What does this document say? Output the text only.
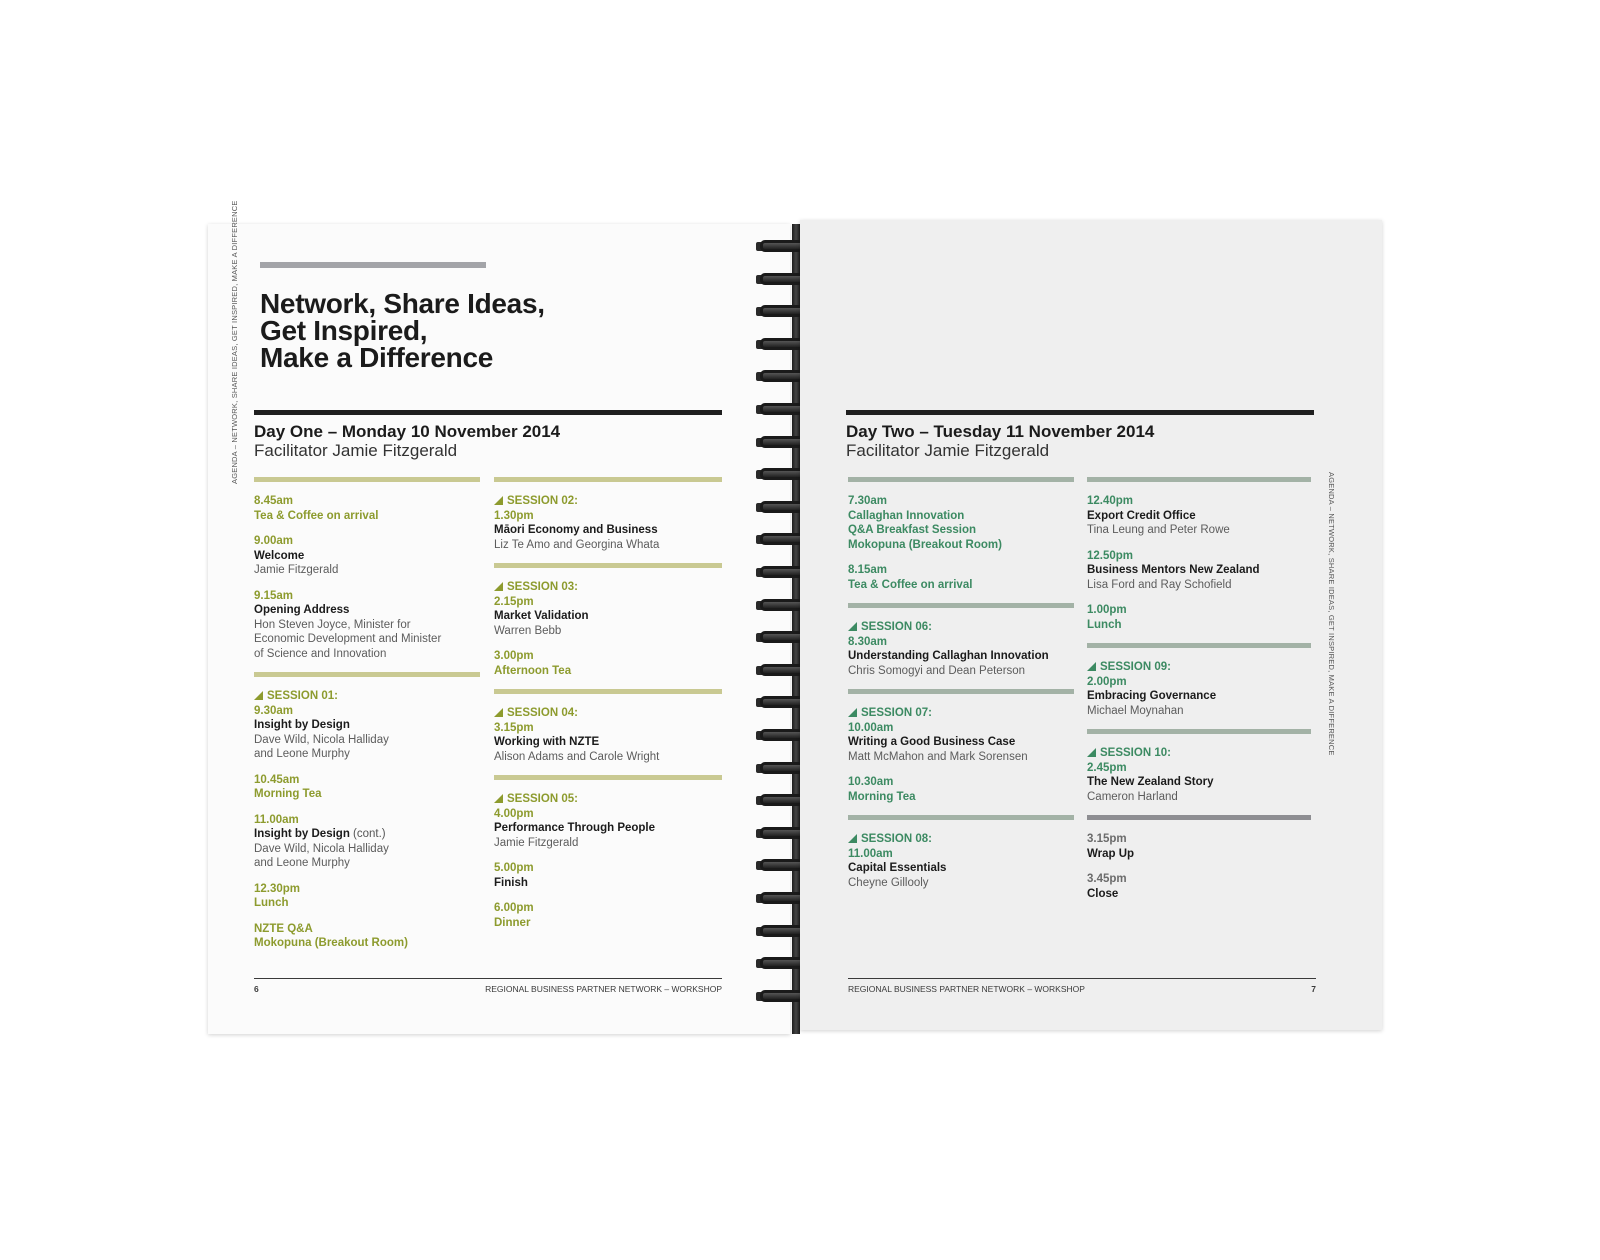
Network, Share Ideas,
Get Inspired,
Make a Difference
AGENDA – NETWORK, SHARE IDEAS, GET INSPIRED, MAKE A DIFFERENCE Day One – Monday 10 November 2014
Facilitator Jamie Fitzgerald
8.45am
Tea & Coffee on arrival
9.00am
Welcome
Jamie Fitzgerald
9.15am
Opening Address
Hon Steven Joyce, Minister for
Economic Development and Minister
of Science and Innovation
SESSION 01:
9.30am
Insight by Design
Dave Wild, Nicola Halliday
and Leone Murphy
10.45am
Morning Tea
11.00am
Insight by Design (cont.)
Dave Wild, Nicola Halliday
and Leone Murphy
12.30pm
Lunch
NZTE Q&A
Mokopuna (Breakout Room)
SESSION 02:
1.30pm
Māori Economy and Business
Liz Te Amo and Georgina Whata
SESSION 03:
2.15pm
Market Validation
Warren Bebb
3.00pm
Afternoon Tea
SESSION 04:
3.15pm
Working with NZTE
Alison Adams and Carole Wright
SESSION 05:
4.00pm
Performance Through People
Jamie Fitzgerald
5.00pm
Finish
6.00pm
Dinner
6	REGIONAL BUSINESS PARTNER NETWORK – WORKSHOP
AGENDA – NETWORK, SHARE IDEAS, GET INSPIRED, MAKE A DIFFERENCE
Day Two – Tuesday 11 November 2014
Facilitator Jamie Fitzgerald
7.30am
Callaghan Innovation
Q&A Breakfast Session
Mokopuna (Breakout Room)
8.15am
Tea & Coffee on arrival
SESSION 06:
8.30am
Understanding Callaghan Innovation
Chris Somogyi and Dean Peterson
SESSION 07:
10.00am
Writing a Good Business Case
Matt McMahon and Mark Sorensen
10.30am
Morning Tea
SESSION 08:
11.00am
Capital Essentials
Cheyne Gillooly
12.40pm
Export Credit Office
Tina Leung and Peter Rowe
12.50pm
Business Mentors New Zealand
Lisa Ford and Ray Schofield
1.00pm
Lunch
SESSION 09:
2.00pm
Embracing Governance
Michael Moynahan
SESSION 10:
2.45pm
The New Zealand Story
Cameron Harland
3.15pm
Wrap Up
3.45pm
Close
REGIONAL BUSINESS PARTNER NETWORK – WORKSHOP	7
